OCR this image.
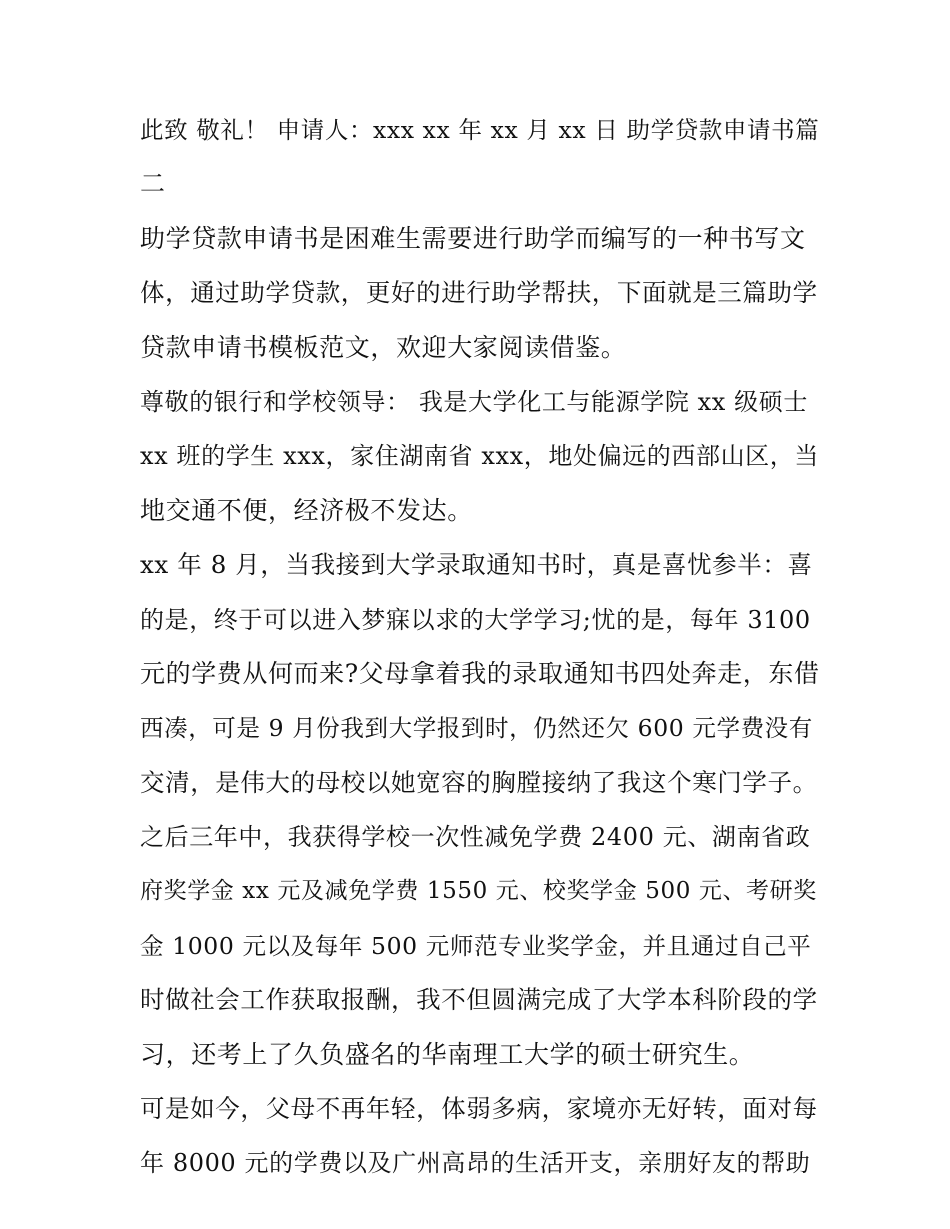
此致 敬礼！ 申请人：xxx xx 年 xx 月 xx 日 助学贷款申请书篇
二

助学贷款申请书是困难生需要进行助学而编写的一种书写文
体，通过助学贷款，更好的进行助学帮扶，下面就是三篇助学
贷款申请书模板范文，欢迎大家阅读借鉴。

尊敬的银行和学校领导： 我是大学化工与能源学院 xx 级硕士
xx 班的学生 xxx，家住湖南省 xxx，地处偏远的西部山区，当
地交通不便，经济极不发达。

xx 年 8 月，当我接到大学录取通知书时，真是喜忧参半：喜
的是，终于可以进入梦寐以求的大学学习;忧的是，每年 3100
元的学费从何而来?父母拿着我的录取通知书四处奔走，东借
西凑，可是 9 月份我到大学报到时，仍然还欠 600 元学费没有
交清，是伟大的母校以她宽容的胸膛接纳了我这个寒门学子。
之后三年中，我获得学校一次性减免学费 2400 元、湖南省政
府奖学金 xx 元及减免学费 1550 元、校奖学金 500 元、考研奖
金 1000 元以及每年 500 元师范专业奖学金，并且通过自己平
时做社会工作获取报酬，我不但圆满完成了大学本科阶段的学
习，还考上了久负盛名的华南理工大学的硕士研究生。

可是如今，父母不再年轻，体弱多病，家境亦无好转，面对每
年 8000 元的学费以及广州高昂的生活开支，亲朋好友的帮助
